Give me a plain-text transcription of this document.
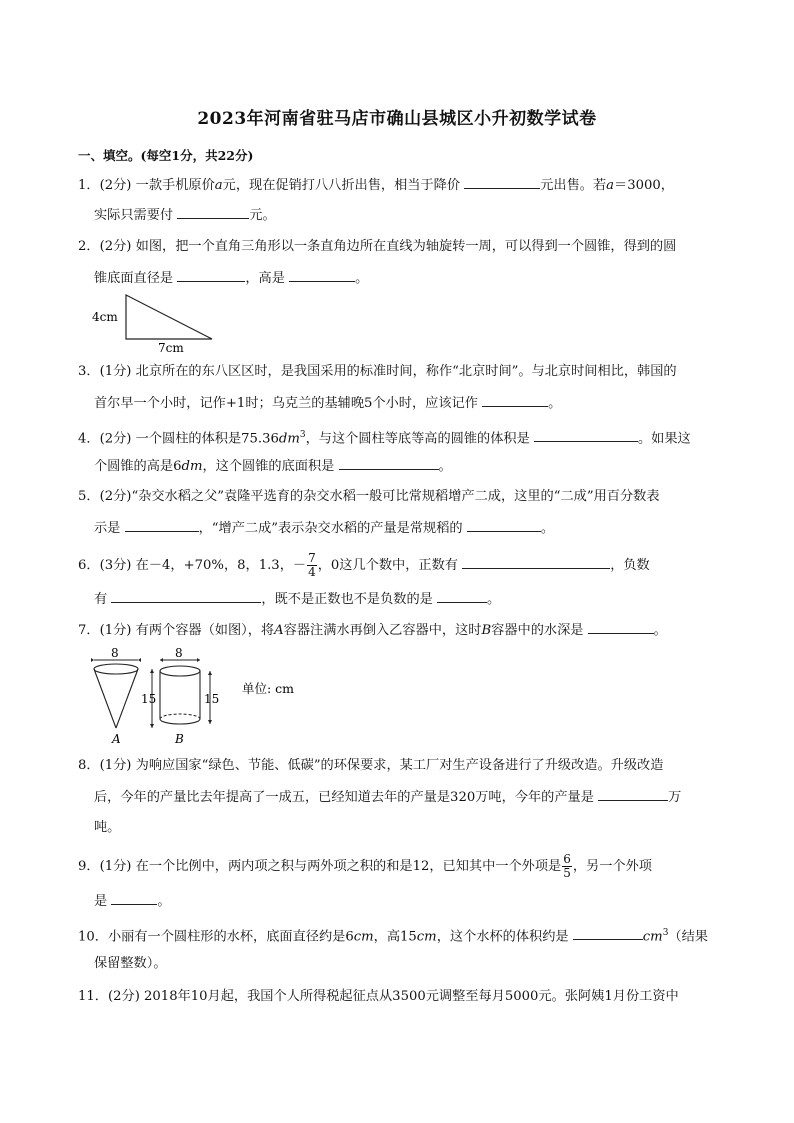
2023年河南省驻马店市确山县城区小升初数学试卷
一、填空。(每空1分，共22分)
1．(2分) 一款手机原价a元，现在促销打八八折出售，相当于降价	元出售。若a＝3000，
实际只需要付	元。
2．(2分) 如图，把一个直角三角形以一条直角边所在直线为轴旋转一周，可以得到一个圆锥，得到的圆
锥底面直径是	，高是	。
4cm
7cm
3．(1分) 北京所在的东八区区时，是我国采用的标准时间，称作“北京时间”。与北京时间相比，韩国的
首尔早一个小时，记作+1时；乌克兰的基辅晚5个小时，应该记作	。
4．(2分) 一个圆柱的体积是$75.36dm^3$，与这个圆柱等底等高的圆锥的体积是	。如果这
个圆锥的高是6dm，这个圆锥的底面积是	。
5．(2分)“杂交水稻之父”袁隆平选育的杂交水稻一般可比常规稻增产二成，这里的“二成”用百分数表
示是	，“增产二成”表示杂交水稻的产量是常规稻的	。
6．(3分) 在－4，+70%，8，1.3，－ $\frac{7}{4}$ ，0这几个数中，正数有	，负数
有	，既不是正数也不是负数的是	。
7．(1分) 有两个容器（如图），将A容器注满水再倒入乙容器中，这时B容器中的水深是	。
8
15
A
8
15
B
单位: cm
8．(1分) 为响应国家“绿色、节能、低碳”的环保要求，某工厂对生产设备进行了升级改造。升级改造
后，今年的产量比去年提高了一成五，已经知道去年的产量是320万吨，今年的产量是	万
吨。
9．(1分) 在一个比例中，两内项之积与两外项之积的和是12，已知其中一个外项是 $\frac{6}{5}$ ，另一个外项
是	。
10．小丽有一个圆柱形的水杯，底面直径约是6cm，高15cm，这个水杯的体积约是	$cm^3$（结果
保留整数）。
11．(2分) 2018年10月起，我国个人所得税起征点从3500元调整至每月5000元。张阿姨1月份工资中
